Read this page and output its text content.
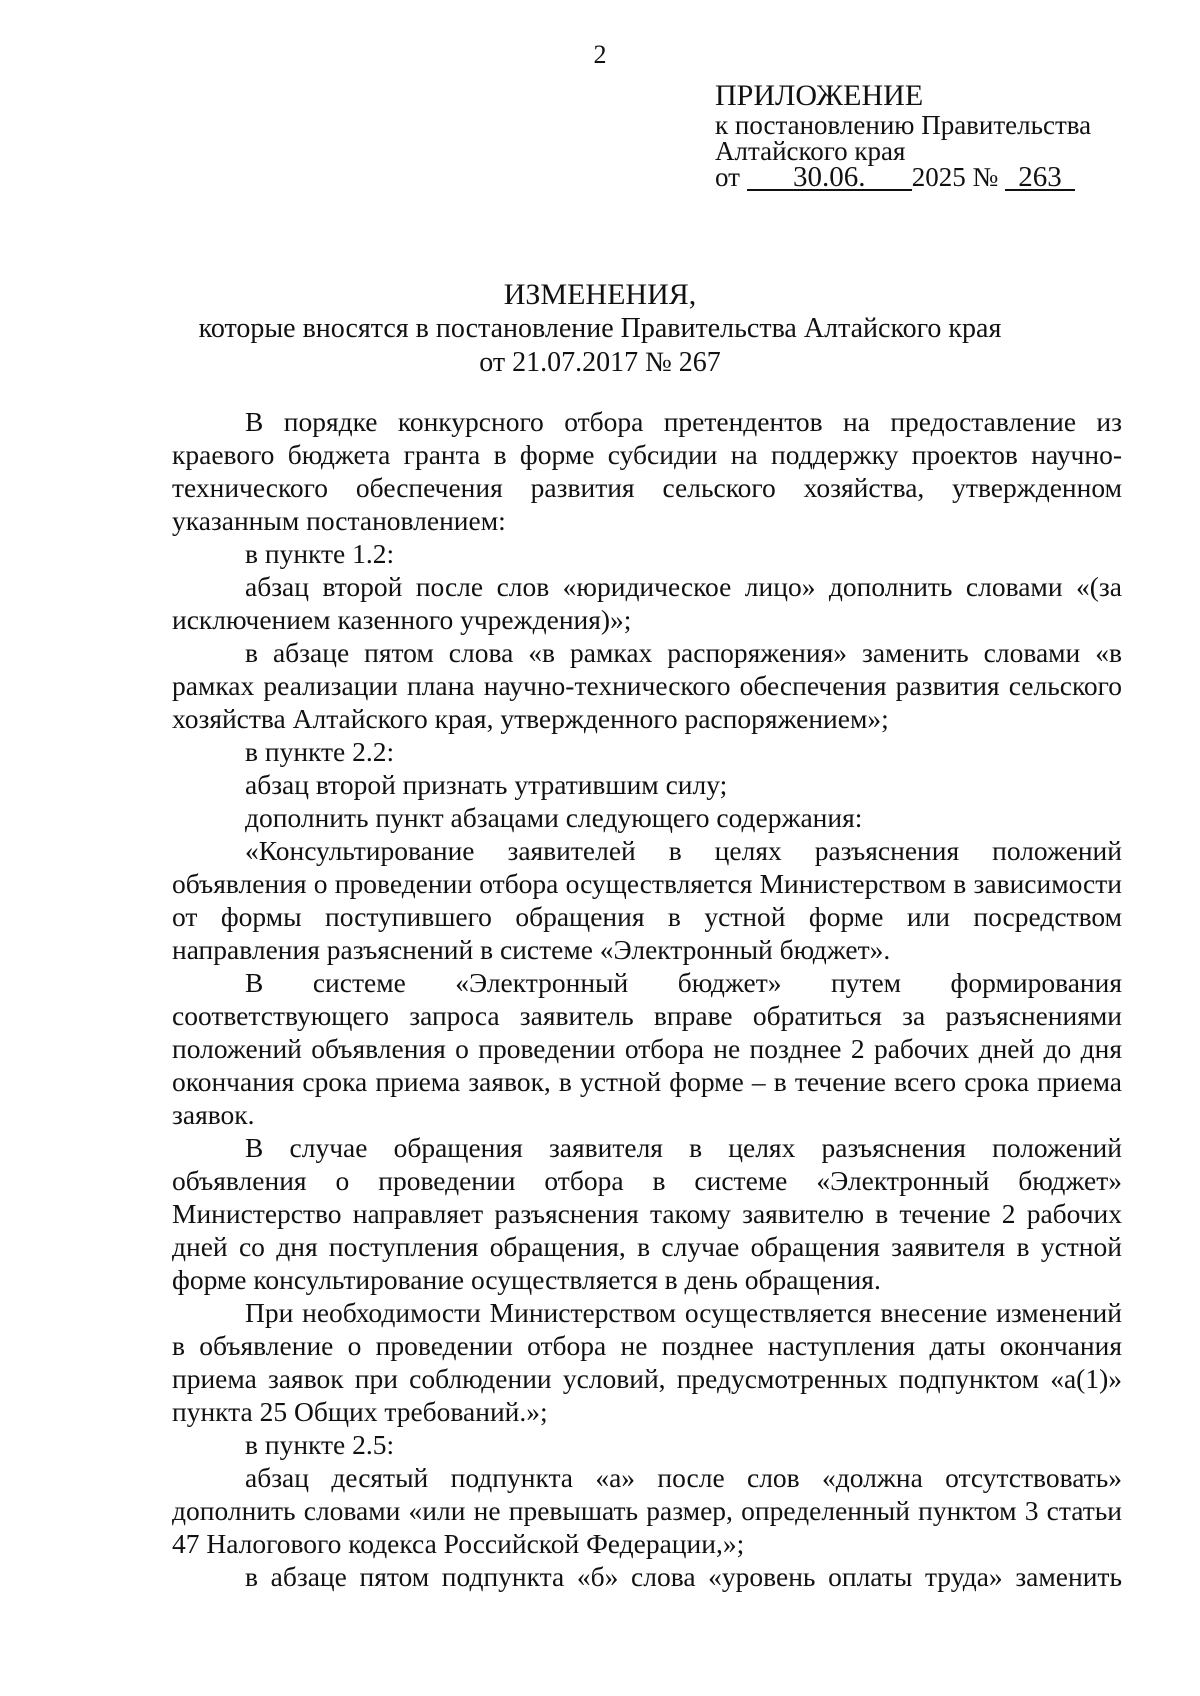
2
ПРИЛОЖЕНИЕ
к постановлению Правительства
Алтайского края
от 30.06. 2025 № 263
ИЗМЕНЕНИЯ,
которые вносятся в постановление Правительства Алтайского края
от 21.07.2017 № 267

В порядке конкурсного отбора претендентов на предоставление из краевого бюджета гранта в форме субсидии на поддержку проектов научно-технического обеспечения развития сельского хозяйства, утвержденном указанным постановлением:

в пункте 1.2:

абзац второй после слов «юридическое лицо» дополнить словами «(за исключением казенного учреждения)»;

в абзаце пятом слова «в рамках распоряжения» заменить словами «в рамках реализации плана научно-технического обеспечения развития сельского хозяйства Алтайского края, утвержденного распоряжением»;

в пункте 2.2:

абзац второй признать утратившим силу;

дополнить пункт абзацами следующего содержания:

«Консультирование заявителей в целях разъяснения положений объявления о проведении отбора осуществляется Министерством в зависимости от формы поступившего обращения в устной форме или посредством направления разъяснений в системе «Электронный бюджет».

В системе «Электронный бюджет» путем формирования соответствующего запроса заявитель вправе обратиться за разъяснениями положений объявления о проведении отбора не позднее 2 рабочих дней до дня окончания срока приема заявок, в устной форме – в течение всего срока приема заявок.

В случае обращения заявителя в целях разъяснения положений объявления о проведении отбора в системе «Электронный бюджет» Министерство направляет разъяснения такому заявителю в течение 2 рабочих дней со дня поступления обращения, в случае обращения заявителя в устной форме консультирование осуществляется в день обращения.

При необходимости Министерством осуществляется внесение изменений в объявление о проведении отбора не позднее наступления даты окончания приема заявок при соблюдении условий, предусмотренных подпунктом «а(1)» пункта 25 Общих требований.»;

в пункте 2.5:

абзац десятый подпункта «а» после слов «должна отсутствовать» дополнить словами «или не превышать размер, определенный пунктом 3 статьи 47 Налогового кодекса Российской Федерации,»;

в абзаце пятом подпункта «б» слова «уровень оплаты труда» заменить
